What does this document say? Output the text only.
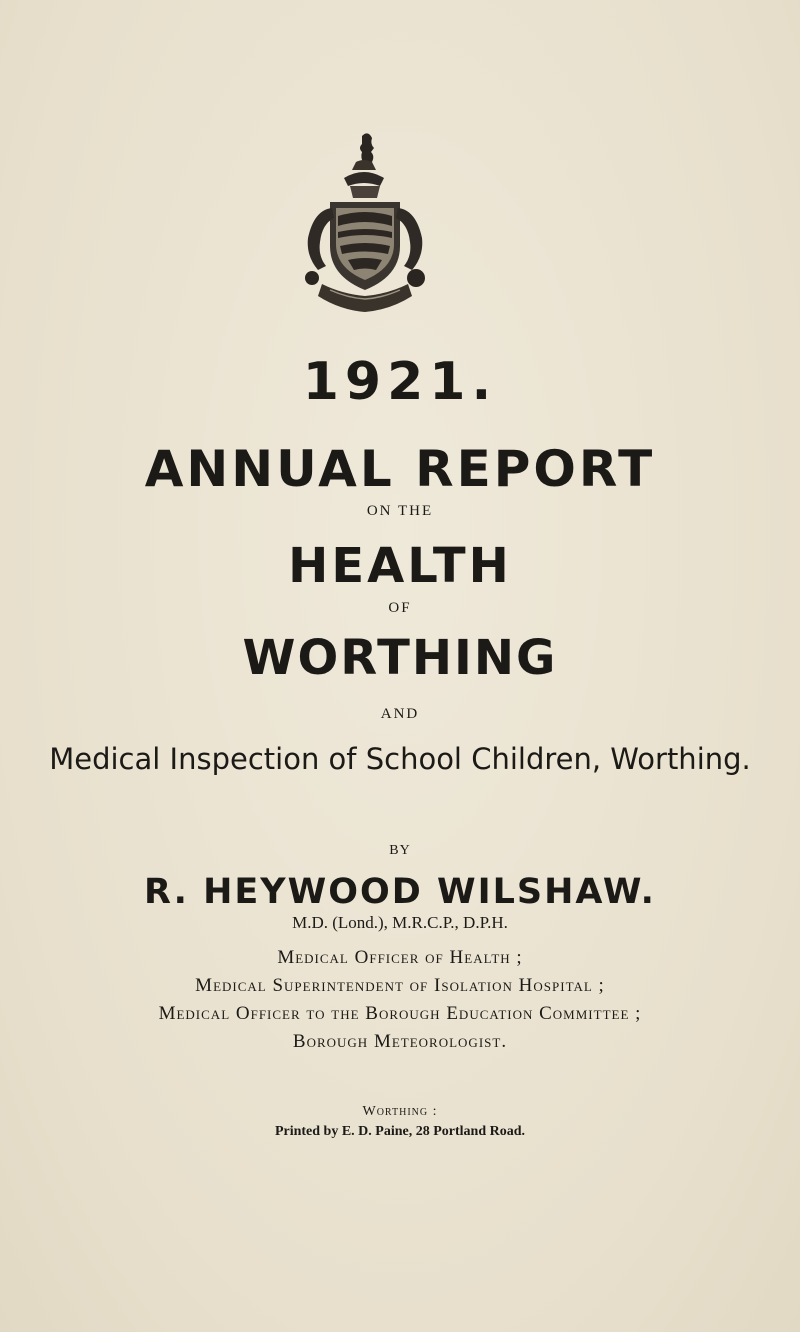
1921.
ANNUAL REPORT
ON THE
HEALTH
OF
WORTHING
AND
Medical Inspection of School Children, Worthing.
BY
R. HEYWOOD WILSHAW.
M.D. (Lond.), M.R.C.P., D.P.H.
Medical Officer of Health ;
Medical Superintendent of Isolation Hospital ;
Medical Officer to the Borough Education Committee ;
Borough Meteorologist.
Worthing :
Printed by E. D. Paine, 28 Portland Road.
